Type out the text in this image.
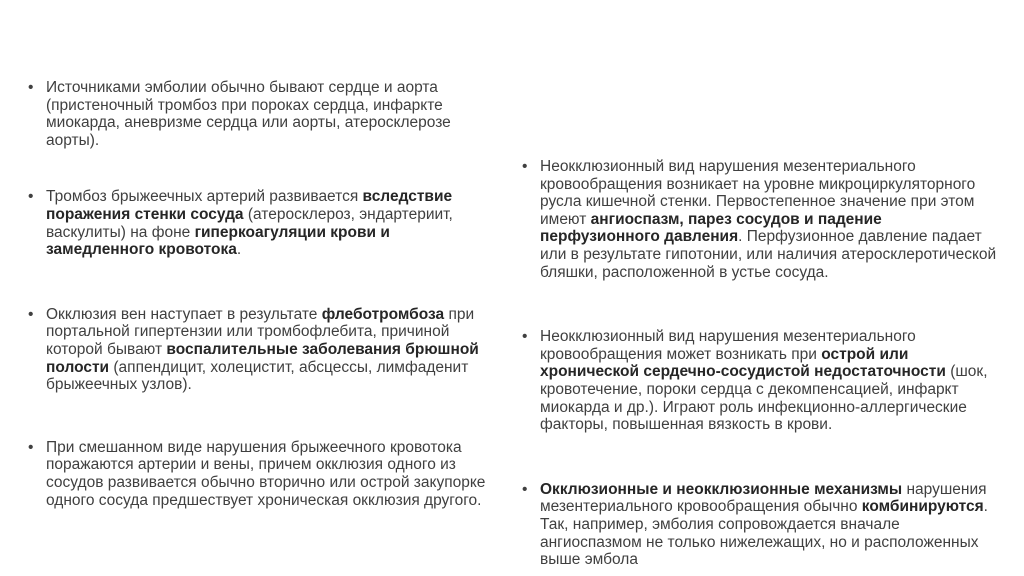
• Источниками эмболии обычно бывают сердце и аорта (пристеночный тромбоз при пороках сердца, инфаркте миокарда, аневризме сердца или аорты, атеросклерозе аорты).
• Тромбоз брыжеечных артерий развивается вследствие поражения стенки сосуда (атеросклероз, эндартериит, васкулиты) на фоне гиперкоагуляции крови и замедленного кровотока.
• Окклюзия вен наступает в результате флеботромбоза при портальной гипертензии или тромбофлебита, причиной которой бывают воспалительные заболевания брюшной полости (аппендицит, холецистит, абсцессы, лимфаденит брыжеечных узлов).
• При смешанном виде нарушения брыжеечного кровотока поражаются артерии и вены, причем окклюзия одного из сосудов развивается обычно вторично или острой закупорке одного сосуда предшествует хроническая окклюзия другого.
• Неокклюзионный вид нарушения мезентериального кровообращения возникает на уровне микроциркуляторного русла кишечной стенки. Первостепенное значение при этом имеют ангиоспазм, парез сосудов и падение перфузионного давления. Перфузионное давление падает или в результате гипотонии, или наличия атеросклеротической бляшки, расположенной в устье сосуда.
• Неокклюзионный вид нарушения мезентериального кровообращения может возникать при острой или хронической сердечно-сосудистой недостаточности (шок, кровотечение, пороки сердца с декомпенсацией, инфаркт миокарда и др.). Играют роль инфекционно-аллергические факторы, повышенная вязкость в крови.
• Окклюзионные и неокклюзионные механизмы нарушения мезентериального кровообращения обычно комбинируются. Так, например, эмболия сопровождается вначале ангиоспазмом не только нижележащих, но и расположенных выше эмбола
